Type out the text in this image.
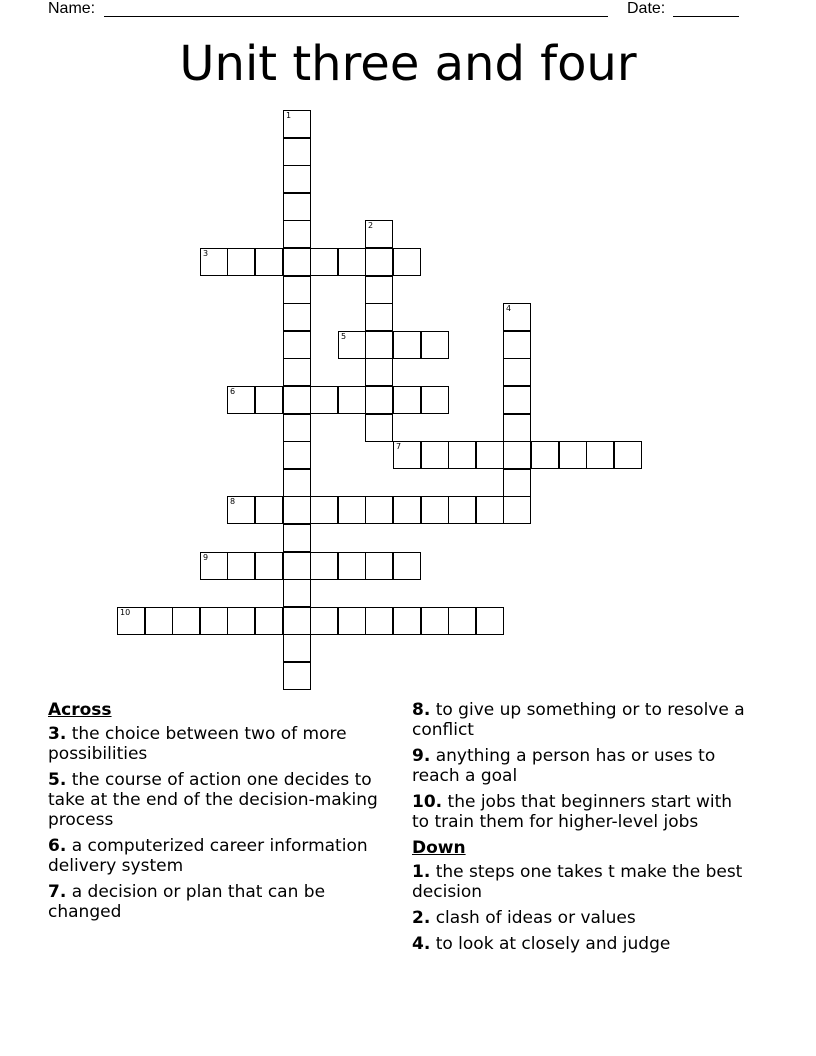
Name:	Date:
Unit three and four
1
2
3
4
5
6
7
8
9
10
Across
3. the choice between two of more possibilities
5. the course of action one decides to take at the end of the decision-making process
6. a computerized career information delivery system
7. a decision or plan that can be changed
8. to give up something or to resolve a conflict
9. anything a person has or uses to reach a goal
10. the jobs that beginners start with to train them for higher-level jobs
Down
1. the steps one takes t make the best decision
2. clash of ideas or values
4. to look at closely and judge
